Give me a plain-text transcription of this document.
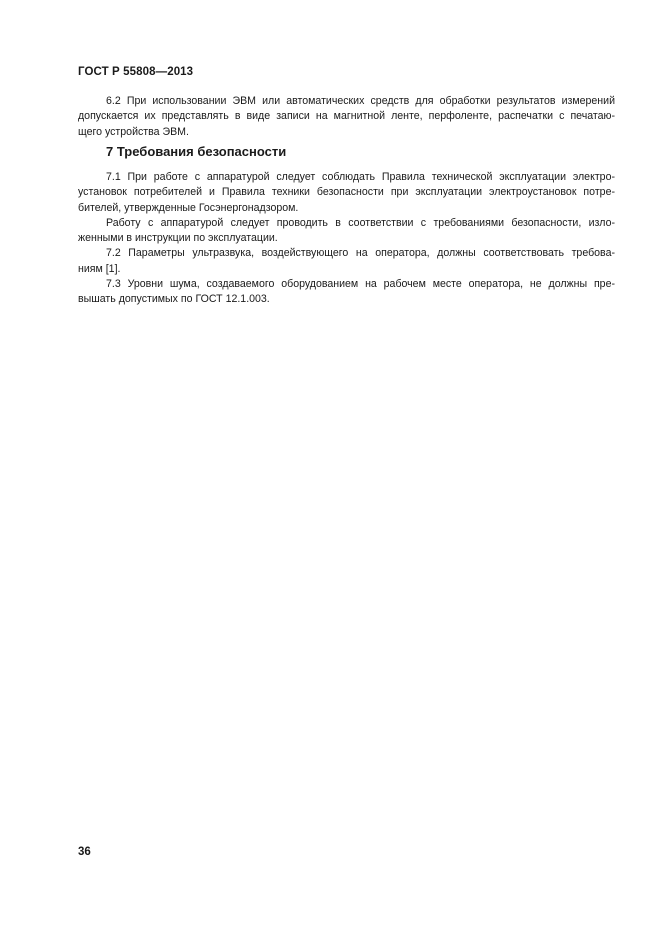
ГОСТ Р 55808—2013
6.2 При использовании ЭВМ или автоматических средств для обработки результатов измерений
допускается их представлять в виде записи на магнитной ленте, перфоленте, распечатки с печатаю-
щего устройства ЭВМ.
7 Требования безопасности
7.1 При работе с аппаратурой следует соблюдать Правила технической эксплуатации электро-
установок потребителей и Правила техники безопасности при эксплуатации электроустановок потре-
бителей, утвержденные Госэнергонадзором.
Работу с аппаратурой следует проводить в соответствии с требованиями безопасности, изло-
женными в инструкции по эксплуатации.
7.2 Параметры ультразвука, воздействующего на оператора, должны соответствовать требова-
ниям [1].
7.3 Уровни шума, создаваемого оборудованием на рабочем месте оператора, не должны пре-
вышать допустимых по ГОСТ 12.1.003.
36
